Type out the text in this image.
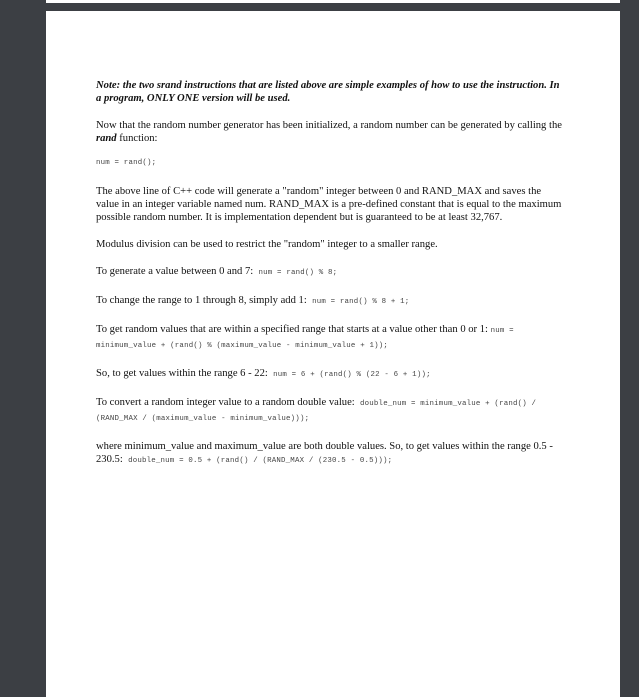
Note: the two srand instructions that are listed above are simple examples of how to use the instruction. In a program, ONLY ONE version will be used.

Now that the random number generator has been initialized, a random number can be generated by calling the rand function:

num = rand();

The above line of C++ code will generate a "random" integer between 0 and RAND_MAX and saves the value in an integer variable named num. RAND_MAX is a pre-defined constant that is equal to the maximum possible random number. It is implementation dependent but is guaranteed to be at least 32,767.

Modulus division can be used to restrict the "random" integer to a smaller range.

To generate a value between 0 and 7: num = rand() % 8;

To change the range to 1 through 8, simply add 1: num = rand() % 8 + 1;

To get random values that are within a specified range that starts at a value other than 0 or 1: num = minimum_value + (rand() % (maximum_value - minimum_value + 1));

So, to get values within the range 6 - 22: num = 6 + (rand() % (22 - 6 + 1));

To convert a random integer value to a random double value: double_num = minimum_value + (rand() / (RAND_MAX / (maximum_value - minimum_value)));

where minimum_value and maximum_value are both double values. So, to get values within the range 0.5 - 230.5: double_num = 0.5 + (rand() / (RAND_MAX / (230.5 - 0.5)));
